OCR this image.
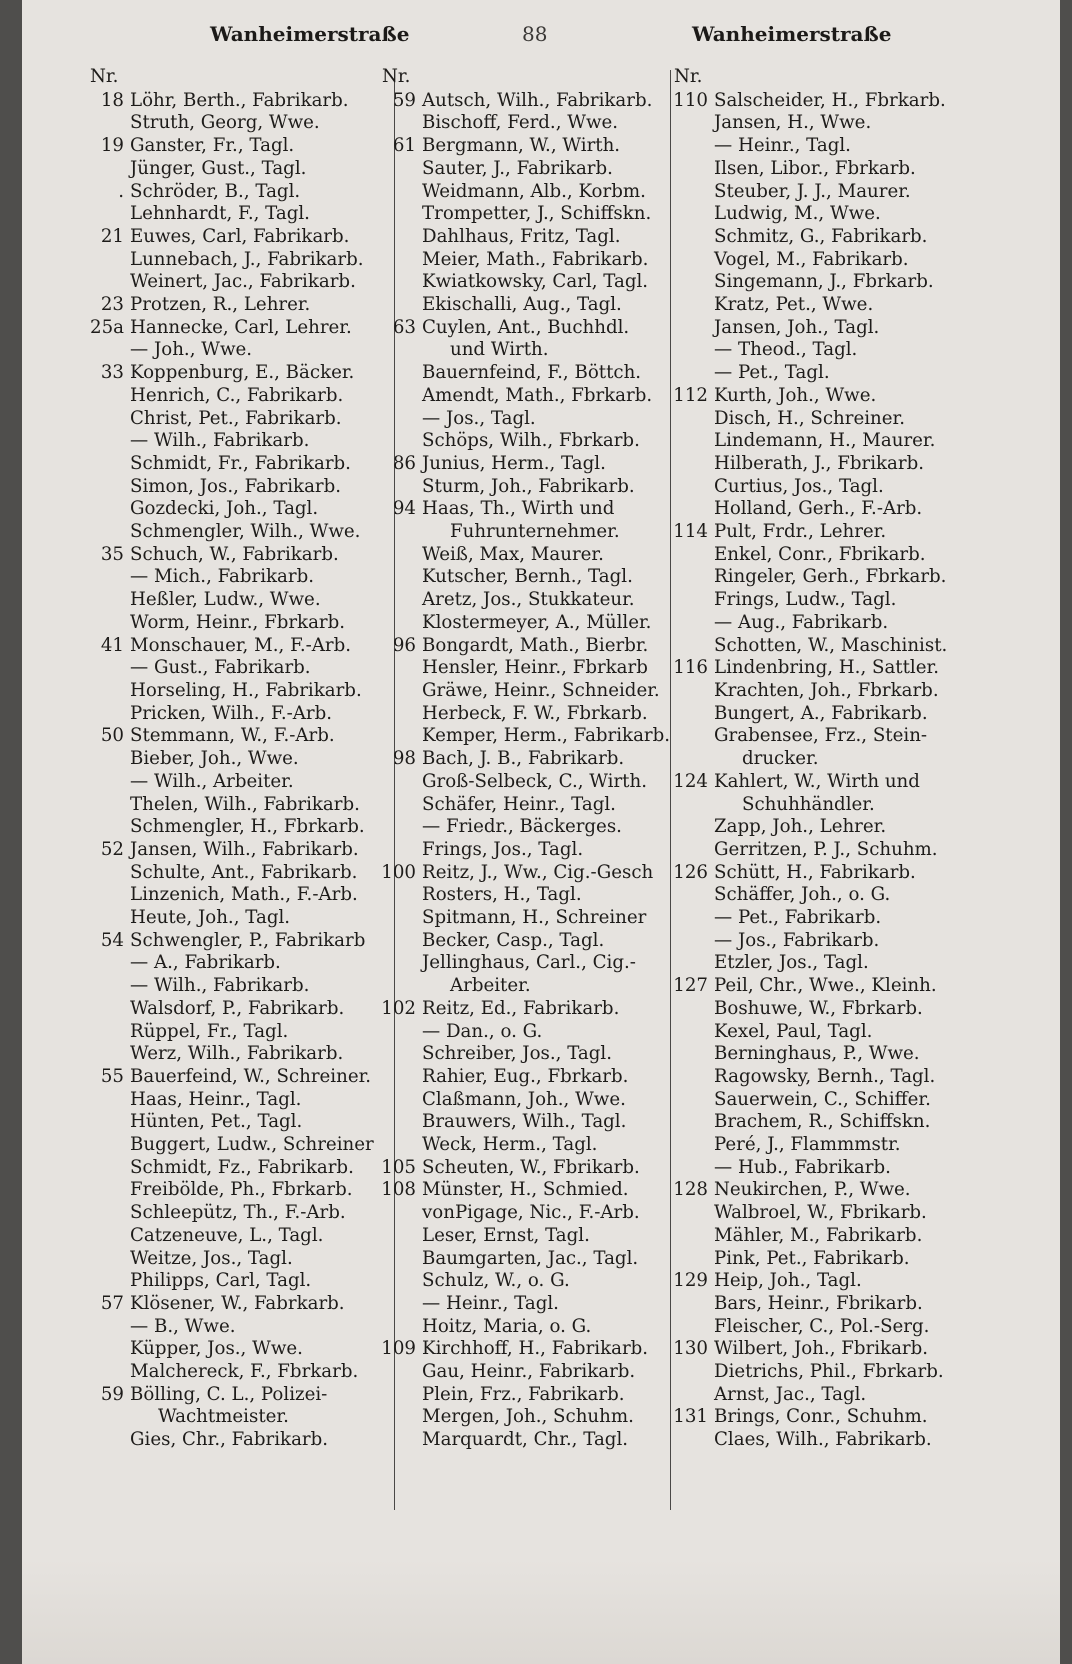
Wanheimerstraße	88	Wanheimerstraße
Nr.
18 Löhr, Berth., Fabrikarb.
Struth, Georg, Wwe.
19 Ganster, Fr., Tagl.
Jünger, Gust., Tagl.
. Schröder, B., Tagl.
Lehnhardt, F., Tagl.
21 Euwes, Carl, Fabrikarb.
Lunnebach, J., Fabrikarb.
Weinert, Jac., Fabrikarb.
23 Protzen, R., Lehrer.
25a Hannecke, Carl, Lehrer.
— Joh., Wwe.
33 Koppenburg, E., Bäcker.
Henrich, C., Fabrikarb.
Christ, Pet., Fabrikarb.
— Wilh., Fabrikarb.
Schmidt, Fr., Fabrikarb.
Simon, Jos., Fabrikarb.
Gozdecki, Joh., Tagl.
Schmengler, Wilh., Wwe.
35 Schuch, W., Fabrikarb.
— Mich., Fabrikarb.
Heßler, Ludw., Wwe.
Worm, Heinr., Fbrkarb.
41 Monschauer, M., F.-Arb.
— Gust., Fabrikarb.
Horseling, H., Fabrikarb.
Pricken, Wilh., F.-Arb.
50 Stemmann, W., F.-Arb.
Bieber, Joh., Wwe.
— Wilh., Arbeiter.
Thelen, Wilh., Fabrikarb.
Schmengler, H., Fbrkarb.
52 Jansen, Wilh., Fabrikarb.
Schulte, Ant., Fabrikarb.
Linzenich, Math., F.-Arb.
Heute, Joh., Tagl.
54 Schwengler, P., Fabrikarb
— A., Fabrikarb.
— Wilh., Fabrikarb.
Walsdorf, P., Fabrikarb.
Rüppel, Fr., Tagl.
Werz, Wilh., Fabrikarb.
55 Bauerfeind, W., Schreiner.
Haas, Heinr., Tagl.
Hünten, Pet., Tagl.
Buggert, Ludw., Schreiner
Schmidt, Fz., Fabrikarb.
Freibölde, Ph., Fbrkarb.
Schleepütz, Th., F.-Arb.
Catzeneuve, L., Tagl.
Weitze, Jos., Tagl.
Philipps, Carl, Tagl.
57 Klösener, W., Fabrkarb.
— B., Wwe.
Küpper, Jos., Wwe.
Malchereck, F., Fbrkarb.
59 Bölling, C. L., Polizei-
Wachtmeister.
Gies, Chr., Fabrikarb.
Nr.
59 Autsch, Wilh., Fabrikarb.
Bischoff, Ferd., Wwe.
61 Bergmann, W., Wirth.
Sauter, J., Fabrikarb.
Weidmann, Alb., Korbm.
Trompetter, J., Schiffskn.
Dahlhaus, Fritz, Tagl.
Meier, Math., Fabrikarb.
Kwiatkowsky, Carl, Tagl.
Ekischalli, Aug., Tagl.
63 Cuylen, Ant., Buchhdl.
und Wirth.
Bauernfeind, F., Böttch.
Amendt, Math., Fbrkarb.
— Jos., Tagl.
Schöps, Wilh., Fbrkarb.
86 Junius, Herm., Tagl.
Sturm, Joh., Fabrikarb.
94 Haas, Th., Wirth und
Fuhrunternehmer.
Weiß, Max, Maurer.
Kutscher, Bernh., Tagl.
Aretz, Jos., Stukkateur.
Klostermeyer, A., Müller.
96 Bongardt, Math., Bierbr.
Hensler, Heinr., Fbrkarb
Gräwe, Heinr., Schneider.
Herbeck, F. W., Fbrkarb.
Kemper, Herm., Fabrikarb.
98 Bach, J. B., Fabrikarb.
Groß-Selbeck, C., Wirth.
Schäfer, Heinr., Tagl.
— Friedr., Bäckerges.
Frings, Jos., Tagl.
100 Reitz, J., Ww., Cig.-Gesch
Rosters, H., Tagl.
Spitmann, H., Schreiner
Becker, Casp., Tagl.
Jellinghaus, Carl., Cig.-
Arbeiter.
102 Reitz, Ed., Fabrikarb.
— Dan., o. G.
Schreiber, Jos., Tagl.
Rahier, Eug., Fbrkarb.
Claßmann, Joh., Wwe.
Brauwers, Wilh., Tagl.
Weck, Herm., Tagl.
105 Scheuten, W., Fbrikarb.
108 Münster, H., Schmied.
vonPigage, Nic., F.-Arb.
Leser, Ernst, Tagl.
Baumgarten, Jac., Tagl.
Schulz, W., o. G.
— Heinr., Tagl.
Hoitz, Maria, o. G.
109 Kirchhoff, H., Fabrikarb.
Gau, Heinr., Fabrikarb.
Plein, Frz., Fabrikarb.
Mergen, Joh., Schuhm.
Marquardt, Chr., Tagl.
Nr.
110 Salscheider, H., Fbrkarb.
Jansen, H., Wwe.
— Heinr., Tagl.
Ilsen, Libor., Fbrkarb.
Steuber, J. J., Maurer.
Ludwig, M., Wwe.
Schmitz, G., Fabrikarb.
Vogel, M., Fabrikarb.
Singemann, J., Fbrkarb.
Kratz, Pet., Wwe.
Jansen, Joh., Tagl.
— Theod., Tagl.
— Pet., Tagl.
112 Kurth, Joh., Wwe.
Disch, H., Schreiner.
Lindemann, H., Maurer.
Hilberath, J., Fbrikarb.
Curtius, Jos., Tagl.
Holland, Gerh., F.-Arb.
114 Pult, Frdr., Lehrer.
Enkel, Conr., Fbrikarb.
Ringeler, Gerh., Fbrkarb.
Frings, Ludw., Tagl.
— Aug., Fabrikarb.
Schotten, W., Maschinist.
116 Lindenbring, H., Sattler.
Krachten, Joh., Fbrkarb.
Bungert, A., Fabrikarb.
Grabensee, Frz., Stein-
drucker.
124 Kahlert, W., Wirth und
Schuhhändler.
Zapp, Joh., Lehrer.
Gerritzen, P. J., Schuhm.
126 Schütt, H., Fabrikarb.
Schäffer, Joh., o. G.
— Pet., Fabrikarb.
— Jos., Fabrikarb.
Etzler, Jos., Tagl.
127 Peil, Chr., Wwe., Kleinh.
Boshuwe, W., Fbrkarb.
Kexel, Paul, Tagl.
Berninghaus, P., Wwe.
Ragowsky, Bernh., Tagl.
Sauerwein, C., Schiffer.
Brachem, R., Schiffskn.
Peré, J., Flammmstr.
— Hub., Fabrikarb.
128 Neukirchen, P., Wwe.
Walbroel, W., Fbrikarb.
Mähler, M., Fabrikarb.
Pink, Pet., Fabrikarb.
129 Heip, Joh., Tagl.
Bars, Heinr., Fbrikarb.
Fleischer, C., Pol.-Serg.
130 Wilbert, Joh., Fbrikarb.
Dietrichs, Phil., Fbrkarb.
Arnst, Jac., Tagl.
131 Brings, Conr., Schuhm.
Claes, Wilh., Fabrikarb.
